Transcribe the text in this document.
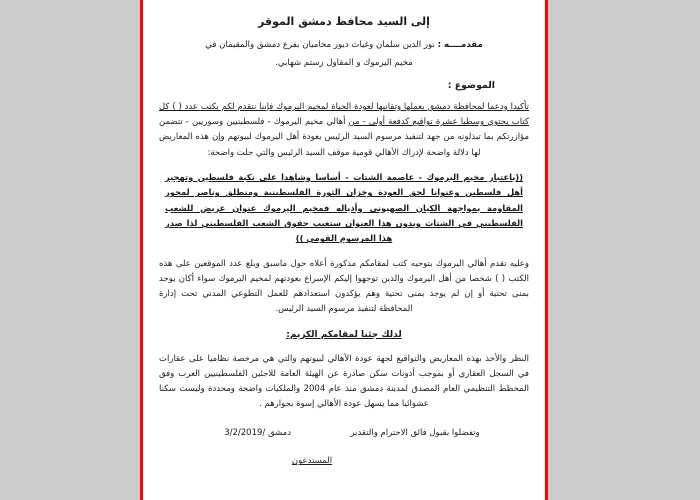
إلى السيد محافظ دمشق الموقر
مقدمــــه : نور الدين سلمان وغياث ديور محاميان بفرع دمشق والمقيمان في
مخيم اليرموك و المقاول رستم شهابي.
الموضوع :

تأكيدا ودعما لمحافظة دمشق بعملها وتقانيها لعودة الحياة لمخيم اليرموك فإننا نتقدم لكم بكتب عدد ( ) كل كتاب يحتوي وسطيا عشرة تواقيع كدفعة أولى - من أهالي مخيم اليرموك - فلسطينيين وسوريين - تتضمن مؤازرتكم بما تبذلونه من جهد لتنفيذ مرسوم السيد الرئيس بعودة أهل اليرموك لبيوتهم وإن هذه المعاريض لها دلالة واضحة لإدراك الأهالي قومية موقف السيد الرئيس والتي جلت واضحة:

((باعتبار مخيم اليرموك - عاصمة الشتات - أساسا وشاهدا على نكبة فلسطين وتهجير أهل فلسطين وعنوانا لحق العودة وخزان الثورة الفلسطينية ومنطلق وناصر لمحور المقاومة بمواجهة الكيان الصهيوني وأذياله فمخيم اليرموك عنوان عريض للشعب الفلسطيني في الشتات وبدون هذا العنوان ستغيب حقوق الشعب الفلسطيني لذا صدر هذا المرسوم القومي ))

وعليه تقدم أهالي اليرموك بتوجيه كتب لمقامكم مذكورة أعلاه حول ماسبق وبلغ عدد الموقعين على هذه الكتب ( ) شخصا من أهل اليرموك والذين توجهوا إليكم الإسراع بعودتهم لمخيم اليرموك سواء أكان يوجد بمنى تحتية أو إن لم يوجد بمنى تحتية وهم يؤكدون استعدادهم للعمل التطوعي المدني تحت إدارة المحافظة لتنفيذ مرسوم السيد الرئيس.

لذلك جئنا لمقامكم الكريم:

النظر والأخذ بهذه المعاريض والتواقيع لجهة عودة الأهالي لبيوتهم والتي هي مرخصة نظاميا على عقارات في السجل العقاري أو بموجب أذونات سكن صادرة عن الهيئة العامة للاجئين الفلسطينيين العرب وفق المخطط التنظيمي العام المصدق لمدينة دمشق منذ عام 2004 والملكيات واضحة ومحددة وليست سكنا عشوائيا مما يسهل عودة الأهالي إسوة بجوارهم .

دمشق /3/2/2019	وتفضلوا بقبول فائق الاحترام والتقدير
المستدعون
